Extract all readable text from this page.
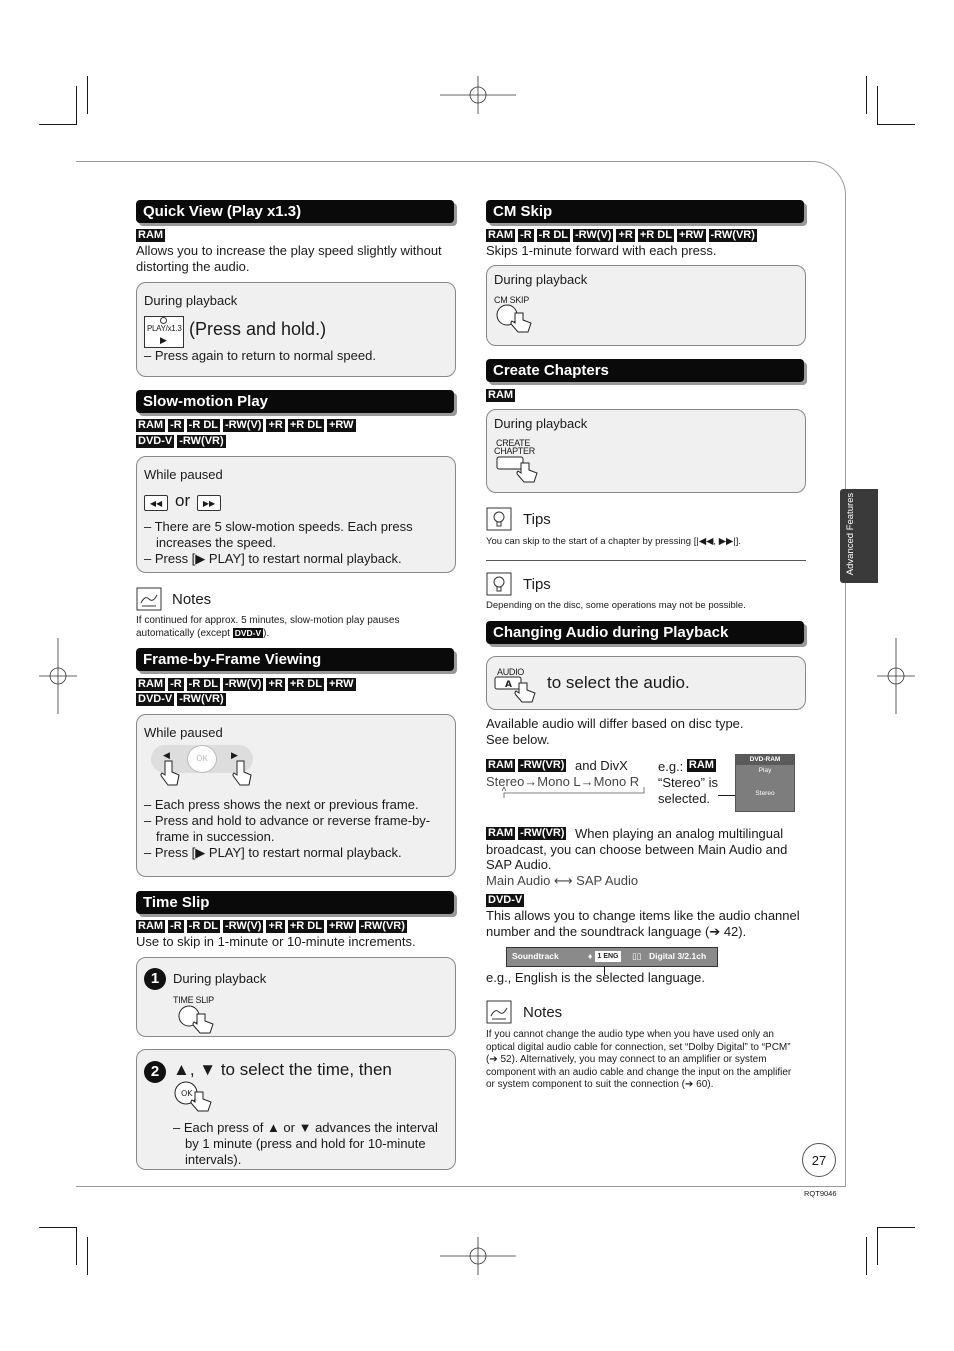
Advanced Features
Quick View (Play x1.3)
RAM
Allows you to increase the play speed slightly without
distorting the audio.
During playback
PLAY/x1.3
▶
(Press and hold.)
– Press again to return to normal speed.
Slow-motion Play
RAM -R -R DL -RW(V) +R +R DL +RW
DVD-V -RW(VR)
While paused
◀◀ or	▶▶
– There are 5 slow-motion speeds. Each press
increases the speed.
– Press [▶ PLAY] to restart normal playback.
Notes
If continued for approx. 5 minutes, slow-motion play pauses
automatically (except DVD-V ).
Frame-by-Frame Viewing
RAM -R -R DL -RW(V) +R +R DL +RW
DVD-V -RW(VR)
While paused
OK
◀	▶
– Each press shows the next or previous frame.
– Press and hold to advance or reverse frame-by-
frame in succession.
– Press [▶ PLAY] to restart normal playback.
Time Slip
RAM -R -R DL -RW(V) +R +R DL +RW -RW(VR)
Use to skip in 1-minute or 10-minute increments.
1	During playback
TIME SLIP
2 ▲, ▼ to select the time, then
OK
– Each press of ▲ or ▼ advances the interval
by 1 minute (press and hold for 10-minute
intervals).
CM Skip
RAM -R -R DL -RW(V) +R +R DL +RW -RW(VR)
Skips 1-minute forward with each press.
During playback
CM SKIP
Create Chapters
RAM
During playback
CREATE
CHAPTER
Tips
You can skip to the start of a chapter by pressing [|◀◀, ▶▶|].
Tips
Depending on the disc, some operations may not be possible.
Changing Audio during Playback
AUDIO
A to select the audio.
Available audio will differ based on disc type.
See below.
RAM -RW(VR) and DivX
Stereo→Mono L→Mono R
e.g.: RAM
“Stereo” is
selected.
DVD-RAM
Play
Stereo
RAM -RW(VR) When playing an analog multilingual
broadcast, you can choose between Main Audio and
SAP Audio.
Main Audio ⟷ SAP Audio
DVD-V
This allows you to change items like the audio channel
number and the soundtrack language (➔ 42).
Soundtrack	♦ 1 ENG ▯▯ Digital 3/2.1ch
e.g., English is the selected language.
Notes
If you cannot change the audio type when you have used only an
optical digital audio cable for connection, set “Dolby Digital” to “PCM”
(➔ 52). Alternatively, you may connect to an amplifier or system
component with an audio cable and change the input on the amplifier
or system component to suit the connection (➔ 60).
27
RQT9046
